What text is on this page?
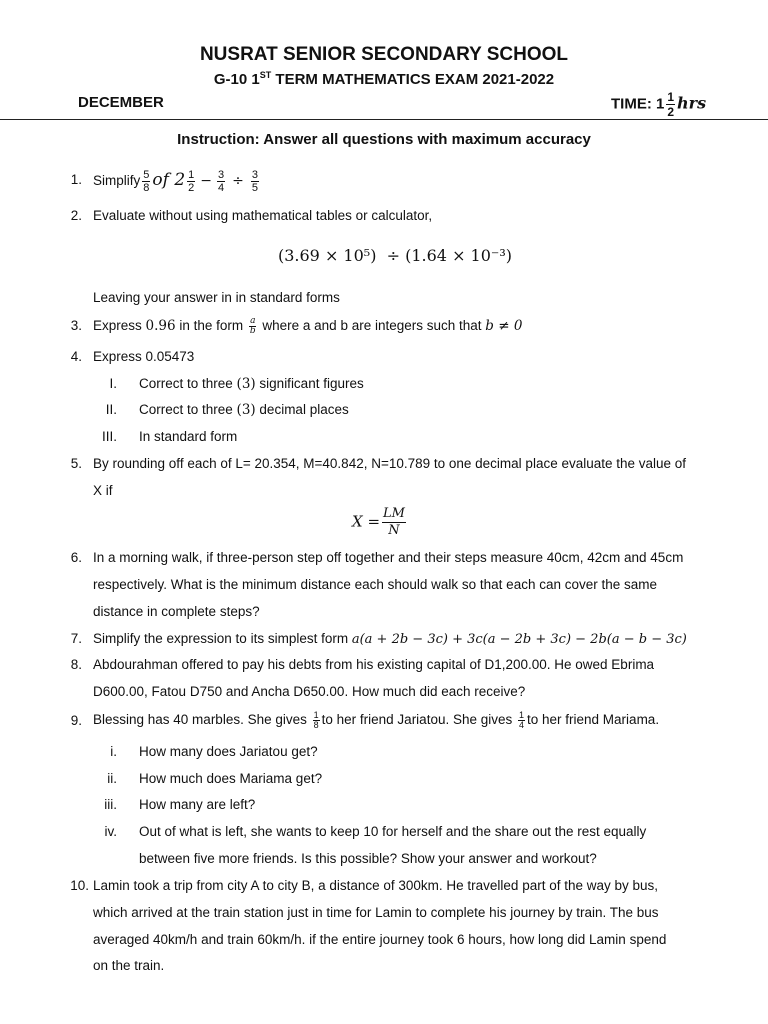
NUSRAT SENIOR SECONDARY SCHOOL
G-10 1ST TERM MATHEMATICS EXAM 2021-2022
DECEMBER	TIME: $1 \frac{1}{2}$ hrs
Instruction: Answer all questions with maximum accuracy
1. Simplify $\frac{5}{8}$ of $2 \frac{1}{2} - \frac{3}{4} \div \frac{3}{5}$
2. Evaluate without using mathematical tables or calculator,
(3.69 × 10⁵)  ÷ (1.64 × 10⁻³)
Leaving your answer in in standard forms
3. Express 0.96 in the form $\frac{a}{b}$ where a and b are integers such that b ≠ 0
4. Express 0.05473
I. Correct to three (3) significant figures
II. Correct to three (3) decimal places
III. In standard form
5. By rounding off each of L= 20.354, M=40.842, N=10.789 to one decimal place evaluate the value of
X if
$X = \frac{LM}{N}$
6. In a morning walk, if three-person step off together and their steps measure 40cm, 42cm and 45cm
respectively. What is the minimum distance each should walk so that each can cover the same
distance in complete steps?
7. Simplify the expression to its simplest form a(a + 2b − 3c) + 3c(a − 2b + 3c) − 2b(a − b − 3c)
8. Abdourahman offered to pay his debts from his existing capital of D1,200.00. He owed Ebrima
D600.00, Fatou D750 and Ancha D650.00. How much did each receive?
9. Blessing has 40 marbles. She gives $\frac{1}{8}$ to her friend Jariatou. She gives $\frac{1}{4}$ to her friend Mariama.
i. How many does Jariatou get?
ii. How much does Mariama get?
iii. How many are left?
iv. Out of what is left, she wants to keep 10 for herself and the share out the rest equally
between five more friends. Is this possible? Show your answer and workout?
10. Lamin took a trip from city A to city B, a distance of 300km. He travelled part of the way by bus,
which arrived at the train station just in time for Lamin to complete his journey by train. The bus
averaged 40km/h and train 60km/h. if the entire journey took 6 hours, how long did Lamin spend
on the train.
